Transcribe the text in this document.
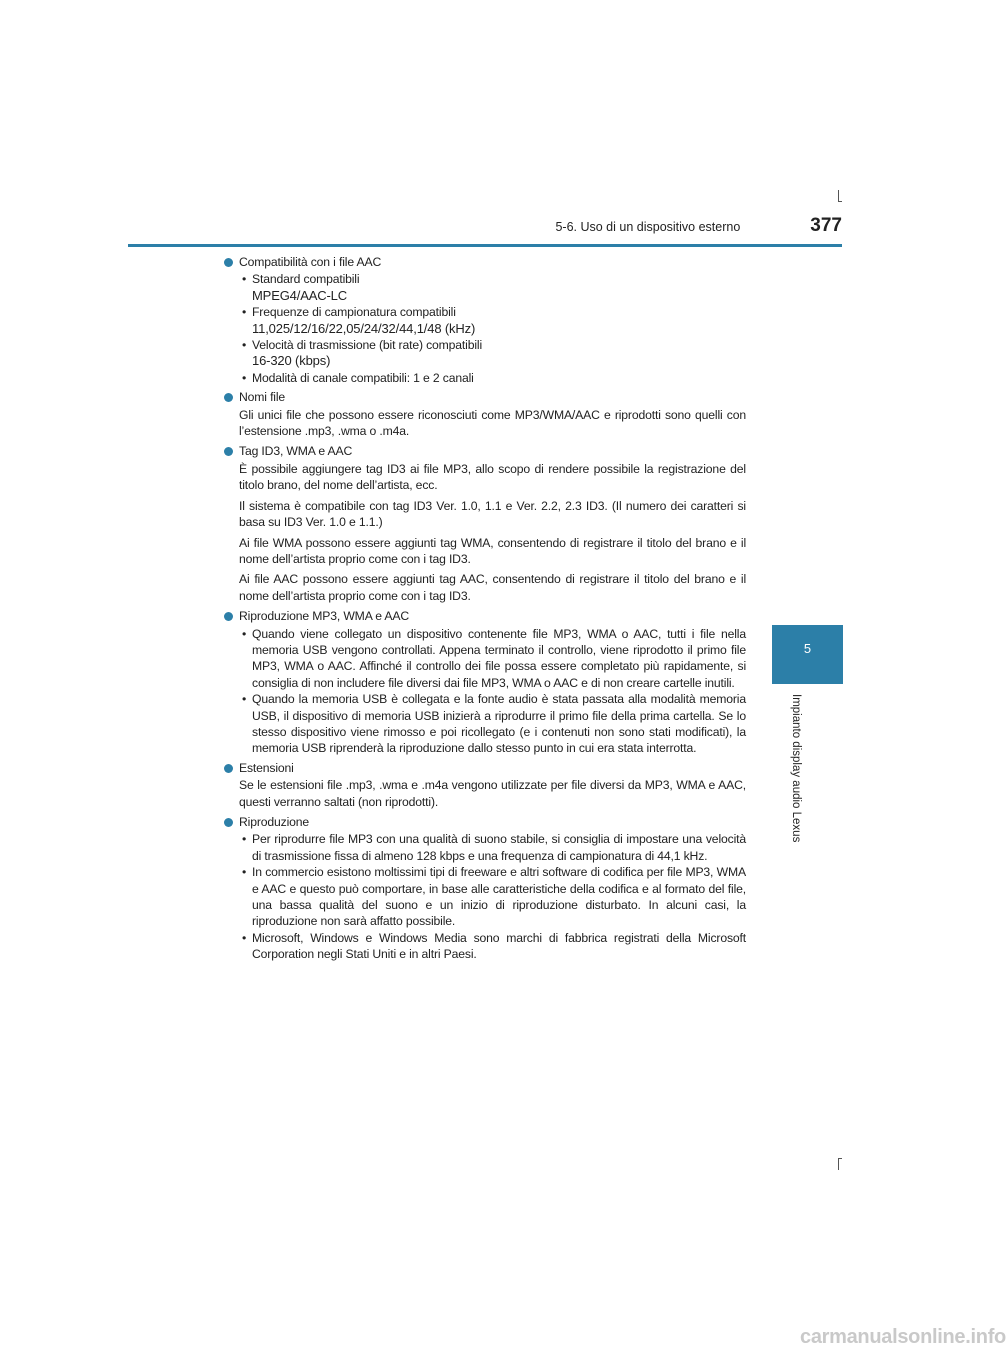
5-6. Uso di un dispositivo esterno	377
5
Impianto display audio Lexus
Compatibilità con i file AAC
• Standard compatibili
MPEG4/AAC-LC
• Frequenze di campionatura compatibili
11,025/12/16/22,05/24/32/44,1/48 (kHz)
• Velocità di trasmissione (bit rate) compatibili
16-320 (kbps)
• Modalità di canale compatibili: 1 e 2 canali
Nomi file
Gli unici file che possono essere riconosciuti come MP3/WMA/AAC e riprodotti sono quelli con l’estensione .mp3, .wma o .m4a.
Tag ID3, WMA e AAC
È possibile aggiungere tag ID3 ai file MP3, allo scopo di rendere possibile la registrazione del titolo brano, del nome dell’artista, ecc.
Il sistema è compatibile con tag ID3 Ver. 1.0, 1.1 e Ver. 2.2, 2.3 ID3. (Il numero dei caratteri si basa su ID3 Ver. 1.0 e 1.1.)
Ai file WMA possono essere aggiunti tag WMA, consentendo di registrare il titolo del brano e il nome dell’artista proprio come con i tag ID3.
Ai file AAC possono essere aggiunti tag AAC, consentendo di registrare il titolo del brano e il nome dell’artista proprio come con i tag ID3.
Riproduzione MP3, WMA e AAC
• Quando viene collegato un dispositivo contenente file MP3, WMA o AAC, tutti i file nella memoria USB vengono controllati. Appena terminato il controllo, viene riprodotto il primo file MP3, WMA o AAC. Affinché il controllo dei file possa essere completato più rapidamente, si consiglia di non includere file diversi dai file MP3, WMA o AAC e di non creare cartelle inutili.
• Quando la memoria USB è collegata e la fonte audio è stata passata alla modalità memoria USB, il dispositivo di memoria USB inizierà a riprodurre il primo file della prima cartella. Se lo stesso dispositivo viene rimosso e poi ricollegato (e i contenuti non sono stati modificati), la memoria USB riprenderà la riproduzione dallo stesso punto in cui era stata interrotta.
Estensioni
Se le estensioni file .mp3, .wma e .m4a vengono utilizzate per file diversi da MP3, WMA e AAC, questi verranno saltati (non riprodotti).
Riproduzione
• Per riprodurre file MP3 con una qualità di suono stabile, si consiglia di impostare una velocità di trasmissione fissa di almeno 128 kbps e una frequenza di campionatura di 44,1 kHz.
• In commercio esistono moltissimi tipi di freeware e altri software di codifica per file MP3, WMA e AAC e questo può comportare, in base alle caratteristiche della codifica e al formato del file, una bassa qualità del suono e un inizio di riproduzione disturbato. In alcuni casi, la riproduzione non sarà affatto possibile.
• Microsoft, Windows e Windows Media sono marchi di fabbrica registrati della Microsoft Corporation negli Stati Uniti e in altri Paesi.
carmanualsonline.info
